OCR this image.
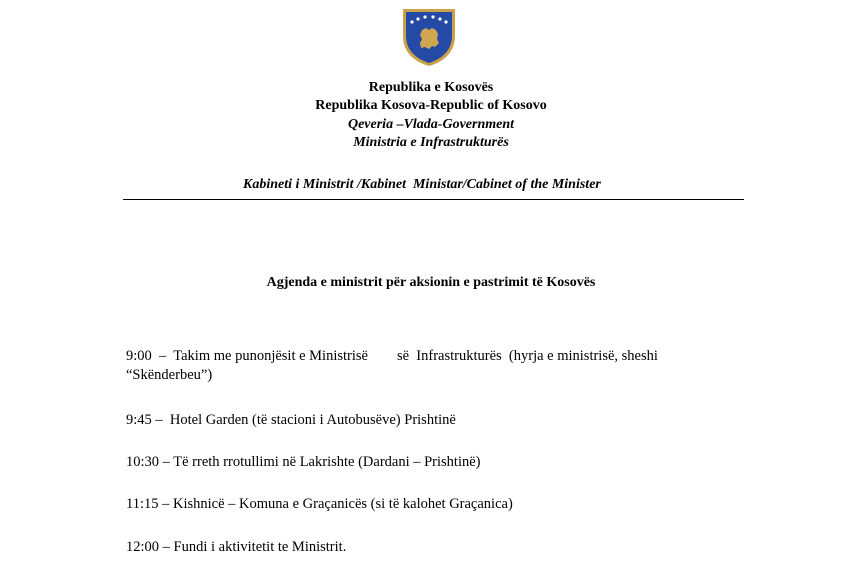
Republika e Kosovës
Republika Kosova-Republic of Kosovo
Qeveria –Vlada-Government
Ministria e Infrastrukturës
Kabineti i Ministrit /Kabinet  Ministar/Cabinet of the Minister
Agjenda e ministrit për aksionin e pastrimit të Kosovës
9:00  –  Takim me punonjësit e Ministrisë        së  Infrastrukturës  (hyrja e ministrisë, sheshi
“Skënderbeu”)
9:45 –  Hotel Garden (të stacioni i Autobusëve) Prishtinë
10:30 – Të rreth rrotullimi në Lakrishte (Dardani – Prishtinë)
11:15 – Kishnicë – Komuna e Graçanicës (si të kalohet Graçanica)
12:00 – Fundi i aktivitetit te Ministrit.
